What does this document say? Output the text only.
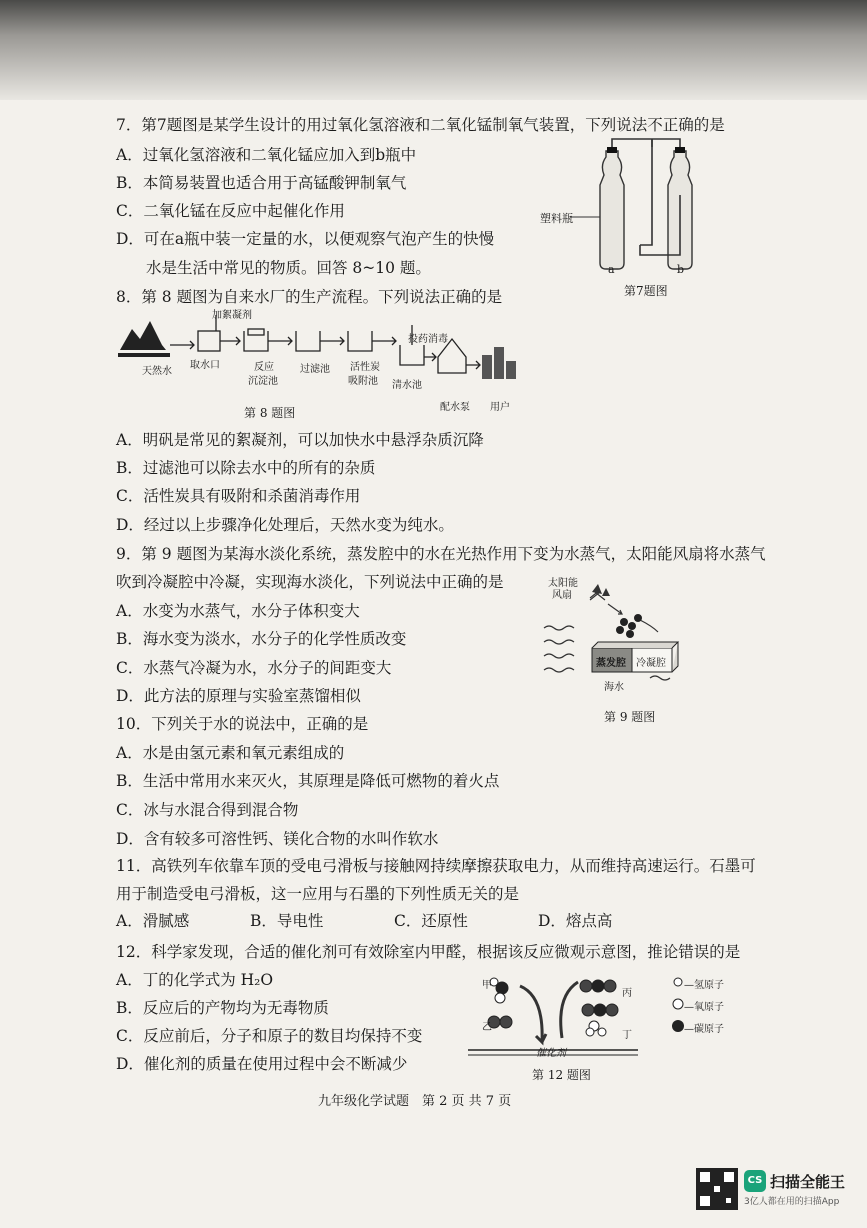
7．第7题图是某学生设计的用过氧化氢溶液和二氧化锰制氧气装置，下列说法不正确的是
A．过氧化氢溶液和二氧化锰应加入到b瓶中
B．本简易装置也适合用于高锰酸钾制氧气
C．二氧化锰在反应中起催化作用
D．可在a瓶中装一定量的水，以便观察气泡产生的快慢
水是生活中常见的物质。回答 8~10 题。
塑料瓶
a	b
第7题图
8．第 8 题图为自来水厂的生产流程。下列说法正确的是
加絮凝剂
投药消毒
天然水
取水口	反应
沉淀池
过滤池 活性炭
吸附池 清水池
配水泵 用户
第 8 题图
A．明矾是常见的絮凝剂，可以加快水中悬浮杂质沉降
B．过滤池可以除去水中的所有的杂质
C．活性炭具有吸附和杀菌消毒作用
D．经过以上步骤净化处理后，天然水变为纯水。
9．第 9 题图为某海水淡化系统，蒸发腔中的水在光热作用下变为水蒸气，太阳能风扇将水蒸气
吹到冷凝腔中冷凝，实现海水淡化，下列说法中正确的是
A．水变为水蒸气，水分子体积变大
B．海水变为淡水，水分子的化学性质改变
C．水蒸气冷凝为水，水分子的间距变大
D．此方法的原理与实验室蒸馏相似
太阳能
风扇
蒸发腔 冷凝腔
海水
第 9 题图
10．下列关于水的说法中，正确的是
A．水是由氢元素和氧元素组成的
B．生活中常用水来灭火，其原理是降低可燃物的着火点
C．冰与水混合得到混合物
D．含有较多可溶性钙、镁化合物的水叫作软水
11．高铁列车依靠车顶的受电弓滑板与接触网持续摩擦获取电力，从而维持高速运行。石墨可
用于制造受电弓滑板，这一应用与石墨的下列性质无关的是
A．滑腻感	B．导电性	C．还原性	D．熔点高
12．科学家发现，合适的催化剂可有效除室内甲醛，根据该反应微观示意图，推论错误的是
A．丁的化学式为 H₂O
B．反应后的产物均为无毒物质
C．反应前后，分子和原子的数目均保持不变
D．催化剂的质量在使用过程中会不断减少
甲
乙
丙
丁
催化剂
—氢原子
—氧原子
—碳原子
第 12 题图
九年级化学试题　第 2 页 共 7 页
CS 扫描全能王
3亿人都在用的扫描App
